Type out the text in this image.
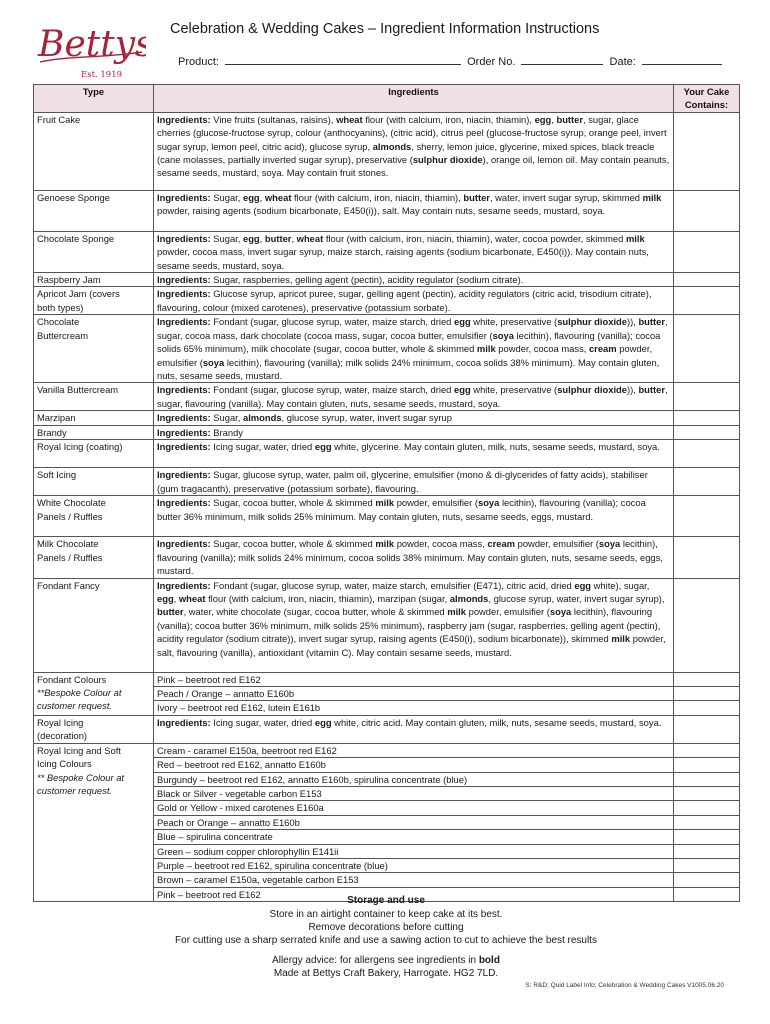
Bettys
Est. 1919
Celebration & Wedding Cakes – Ingredient Information Instructions
Product:	Order No.	Date:
Type	Ingredients	Your Cake Contains:

Fruit Cake	Ingredients: Vine fruits (sultanas, raisins), wheat flour (with calcium, iron, niacin, thiamin), egg, butter, sugar, glace cherries (glucose-fructose syrup, colour (anthocyanins), (citric acid), citrus peel (glucose-fructose syrup, orange peel, invert sugar syrup, lemon peel, citric acid), glucose syrup, almonds, sherry, lemon juice, glycerine, mixed spices, black treacle (cane molasses, partially inverted sugar syrup), preservative (sulphur dioxide), orange oil, lemon oil. May contain peanuts, sesame seeds, mustard, soya. May contain fruit stones.	

Genoese Sponge	Ingredients: Sugar, egg, wheat flour (with calcium, iron, niacin, thiamin), butter, water, invert sugar syrup, skimmed milk powder, raising agents (sodium bicarbonate, E450(i)), salt. May contain nuts, sesame seeds, mustard, soya.	

Chocolate Sponge	Ingredients: Sugar, egg, butter, wheat flour (with calcium, iron, niacin, thiamin), water, cocoa powder, skimmed milk powder, cocoa mass, invert sugar syrup, maize starch, raising agents (sodium bicarbonate, E450(i)). May contain nuts, sesame seeds, mustard, soya.	

Raspberry Jam	Ingredients: Sugar, raspberries, gelling agent (pectin), acidity regulator (sodium citrate).	

Apricot Jam (covers
both types)	Ingredients: Glucose syrup, apricot puree, sugar, gelling agent (pectin), acidity regulators (citric acid, trisodium citrate), flavouring, colour (mixed carotenes), preservative (potassium sorbate).	

Chocolate
Buttercream	Ingredients: Fondant (sugar, glucose syrup, water, maize starch, dried egg white, preservative (sulphur dioxide)), butter, sugar, cocoa mass, dark chocolate (cocoa mass, sugar, cocoa butter, emulsifier (soya lecithin), flavouring (vanilla); cocoa solids 65% minimum), milk chocolate (sugar, cocoa butter, whole & skimmed milk powder, cocoa mass, cream powder, emulsifier (soya lecithin), flavouring (vanilla); milk solids 24% minimum, cocoa solids 38% minimum). May contain gluten, nuts, sesame seeds, mustard.	

Vanilla Buttercream	Ingredients: Fondant (sugar, glucose syrup, water, maize starch, dried egg white, preservative (sulphur dioxide)), butter, sugar, flavouring (vanilla). May contain gluten, nuts, sesame seeds, mustard, soya.	

Marzipan	Ingredients: Sugar, almonds, glucose syrup, water, invert sugar syrup	

Brandy	Ingredients: Brandy	

Royal Icing (coating)	Ingredients: Icing sugar, water, dried egg white, glycerine. May contain gluten, milk, nuts, sesame seeds, mustard, soya.	

Soft Icing	Ingredients: Sugar, glucose syrup, water, palm oil, glycerine, emulsifier (mono & di-glycerides of fatty acids), stabiliser (gum tragacanth), preservative (potassium sorbate), flavouring.	

White Chocolate
Panels / Ruffles	Ingredients: Sugar, cocoa butter, whole & skimmed milk powder, emulsifier (soya lecithin), flavouring (vanilla); cocoa butter 36% minimum, milk solids 25% minimum. May contain gluten, nuts, sesame seeds, eggs, mustard.	

Milk Chocolate
Panels / Ruffles	Ingredients: Sugar, cocoa butter, whole & skimmed milk powder, cocoa mass, cream powder, emulsifier (soya lecithin), flavouring (vanilla); milk solids 24% minimum, cocoa solids 38% minimum. May contain gluten, nuts, sesame seeds, eggs, mustard.	

Fondant Fancy	Ingredients: Fondant (sugar, glucose syrup, water, maize starch, emulsifier (E471), citric acid, dried egg white), sugar, egg, wheat flour (with calcium, iron, niacin, thiamin), marzipan (sugar, almonds, glucose syrup, water, invert sugar syrup), butter, water, white chocolate (sugar, cocoa butter, whole & skimmed milk powder, emulsifier (soya lecithin), flavouring (vanilla); cocoa butter 36% minimum, milk solids 25% minimum), raspberry jam (sugar, raspberries, gelling agent (pectin), acidity regulator (sodium citrate)), invert sugar syrup, raising agents (E450(i), sodium bicarbonate)), skimmed milk powder, salt, flavouring (vanilla), antioxidant (vitamin C). May contain sesame seeds, mustard.	

Fondant Colours
**Bespoke Colour at
customer request.	Pink – beetroot red E162	
	Peach / Orange – annatto E160b	
	Ivory – beetroot red E162, lutein E161b	

Royal Icing
(decoration)	Ingredients: Icing sugar, water, dried egg white, citric acid. May contain gluten, milk, nuts, sesame seeds, mustard, soya.	

Royal Icing and Soft
Icing Colours
** Bespoke Colour at
customer request.	Cream - caramel E150a, beetroot red E162	
	Red – beetroot red E162, annatto E160b	
	Burgundy – beetroot red E162, annatto E160b, spirulina concentrate (blue)	
	Black or Silver - vegetable carbon E153	
	Gold or Yellow - mixed carotenes E160a	
	Peach or Orange – annatto E160b	
	Blue – spirulina concentrate	
	Green – sodium copper chlorophyllin E141ii	
	Purple – beetroot red E162, spirulina concentrate (blue)	
	Brown – caramel E150a, vegetable carbon E153	
	Pink – beetroot red E162	
Storage and use
Store in an airtight container to keep cake at its best.
Remove decorations before cutting
For cutting use a sharp serrated knife and use a sawing action to cut to achieve the best results
Allergy advice: for allergens see ingredients in bold
Made at Bettys Craft Bakery, Harrogate. HG2 7LD.
S: R&D; Quid Label Info; Celebration & Wedding Cakes V1005.06.20
